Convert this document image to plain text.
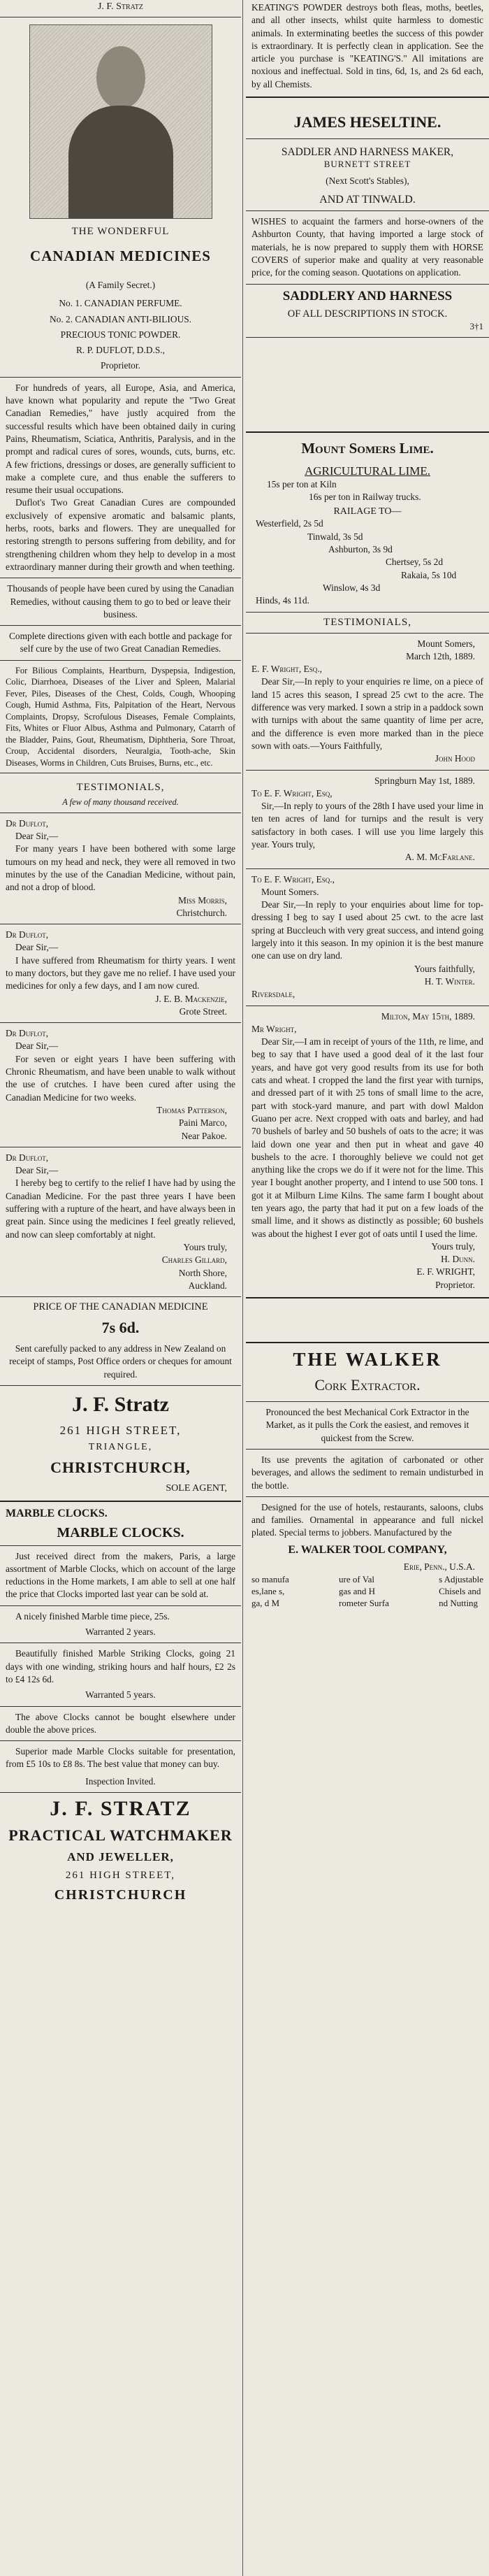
J. F. Stratz
THE WONDERFUL
CANADIAN MEDICINES
(A Family Secret.)
No. 1. CANADIAN PERFUME.
No. 2. CANADIAN ANTI-BILIOUS.
PRECIOUS TONIC POWDER.
R. P. DUFLOT, D.D.S.,
Proprietor.

For hundreds of years, all Europe, Asia, and America, have known what popularity and repute the "Two Great Canadian Remedies," have justly acquired from the successful results which have been obtained daily in curing Pains, Rheumatism, Sciatica, Anthritis, Paralysis, and in the prompt and radical cures of sores, wounds, cuts, burns, etc. A few frictions, dressings or doses, are generally sufficient to make a complete cure, and thus enable the sufferers to resume their usual occupations.

Duflot's Two Great Canadian Cures are compounded exclusively of expensive aromatic and balsamic plants, herbs, roots, barks and flowers. They are unequalled for restoring strength to persons suffering from debility, and for strengthening children whom they help to develop in a most extraordinary manner during their growth and when teething.

Thousands of people have been cured by using the Canadian Remedies, without causing them to go to bed or leave their business.

Complete directions given with each bottle and package for self cure by the use of two Great Canadian Remedies.

For Bilious Complaints, Heartburn, Dyspepsia, Indigestion, Colic, Diarrhoea, Diseases of the Liver and Spleen, Malarial Fever, Piles, Diseases of the Chest, Colds, Cough, Whooping Cough, Humid Asthma, Fits, Palpitation of the Heart, Nervous Complaints, Dropsy, Scrofulous Diseases, Female Complaints, Fits, Whites or Fluor Albus, Asthma and Pulmonary, Catarrh of the Bladder, Pains, Gout, Rheumatism, Diphtheria, Sore Throat, Croup, Accidental disorders, Neuralgia, Tooth-ache, Skin Diseases, Worms in Children, Cuts Bruises, Burns, etc., etc.

TESTIMONIALS,
A few of many thousand received.
Dr Duflot,
Dear Sir,—

For many years I have been bothered with some large tumours on my head and neck, they were all removed in two minutes by the use of the Canadian Medicine, without pain, and not a drop of blood.

Miss Morris,
Christchurch.
Dr Duflot,
Dear Sir,—

I have suffered from Rheumatism for thirty years. I went to many doctors, but they gave me no relief. I have used your medicines for only a few days, and I am now cured.

J. E. B. Mackenzie,
Grote Street.
Dr Duflot,
Dear Sir,—

For seven or eight years I have been suffering with Chronic Rheumatism, and have been unable to walk without the use of crutches. I have been cured after using the Canadian Medicine for two weeks.

Thomas Patterson,
Paini Marco,
Near Pakoe.
Dr Duflot,
Dear Sir,—

I hereby beg to certify to the relief I have had by using the Canadian Medicine. For the past three years I have been suffering with a rupture of the heart, and have always been in great pain. Since using the medicines I feel greatly relieved, and now can sleep comfortably at night.

Yours truly,
Charles Gillard,
North Shore,
Auckland.
PRICE OF THE CANADIAN MEDICINE
7s 6d.

Sent carefully packed to any address in New Zealand on receipt of stamps, Post Office orders or cheques for amount required.

J. F. Stratz
261 HIGH STREET,
TRIANGLE,
CHRISTCHURCH,
SOLE AGENT,
MARBLE CLOCKS.
MARBLE CLOCKS.

Just received direct from the makers, Paris, a large assortment of Marble Clocks, which on account of the large reductions in the Home markets, I am able to sell at one half the price that Clocks imported last year can be sold at.

A nicely finished Marble time piece, 25s.

Warranted 2 years.

Beautifully finished Marble Striking Clocks, going 21 days with one winding, striking hours and half hours, £2 2s to £4 12s 6d.

Warranted 5 years.

The above Clocks cannot be bought elsewhere under double the above prices.

Superior made Marble Clocks suitable for presentation, from £5 10s to £8 8s. The best value that money can buy.

Inspection Invited.
J. F. STRATZ
PRACTICAL WATCHMAKER
AND JEWELLER,
261 HIGH STREET,
CHRISTCHURCH

KEATING'S POWDER destroys both fleas, moths, beetles, and all other insects, whilst quite harmless to domestic animals. In exterminating beetles the success of this powder is extraordinary. It is perfectly clean in application. See the article you purchase is "KEATING'S." All imitations are noxious and ineffectual. Sold in tins, 6d, 1s, and 2s 6d each, by all Chemists.

JAMES HESELTINE.
SADDLER AND HARNESS MAKER,
BURNETT STREET
(Next Scott's Stables),
AND AT TINWALD.

WISHES to acquaint the farmers and horse-owners of the Ashburton County, that having imported a large stock of materials, he is now prepared to supply them with HORSE COVERS of superior make and quality at very reasonable price, for the coming season. Quotations on application.

SADDLERY AND HARNESS
OF ALL DESCRIPTIONS IN STOCK.
3†1
Mount Somers Lime.
AGRICULTURAL LIME.
15s per ton at Kiln
16s per ton in Railway trucks.
RAILAGE TO—
Westerfield, 2s 5d
Tinwald, 3s 5d
Ashburton, 3s 9d
Chertsey, 5s 2d
Rakaia, 5s 10d
Winslow, 4s 3d
Hinds, 4s 11d.
TESTIMONIALS,
Mount Somers,
March 12th, 1889.
E. F. Wright, Esq.,

Dear Sir,—In reply to your enquiries re lime, on a piece of land 15 acres this season, I spread 25 cwt to the acre. The difference was very marked. I sown a strip in a paddock sown with turnips with about the same quantity of lime per acre, and the difference is even more marked than in the piece sown with oats.—Yours Faithfully,

John Hood
Springburn May 1st, 1889.
To E. F. Wright, Esq,

Sir,—In reply to yours of the 28th I have used your lime in ten ten acres of land for turnips and the result is very satisfactory in both cases. I will use you lime largely this year. Yours truly,

A. M. McFarlane.
To E. F. Wright, Esq.,
Mount Somers.

Dear Sir,—In reply to your enquiries about lime for top-dressing I beg to say I used about 25 cwt. to the acre last spring at Buccleuch with very great success, and intend going largely into it this season. In my opinion it is the best manure one can use on dry land.

Yours faithfully,
H. T. Winter.
Riversdale,
Milton, May 15th, 1889.
Mr Wright,

Dear Sir,—I am in receipt of yours of the 11th, re lime, and beg to say that I have used a good deal of it the last four years, and have got very good results from its use for both cats and wheat. I cropped the land the first year with turnips, and dressed part of it with 25 tons of small lime to the acre, part with stock-yard manure, and part with dowl Maldon Guano per acre. Next cropped with oats and barley, and had 70 bushels of barley and 50 bushels of oats to the acre; it was laid down one year and then put in wheat and gave 40 bushels to the acre. I thoroughly believe we could not get anything like the crops we do if it were not for the lime. This year I bought another property, and I intend to use 500 tons. I got it at Milburn Lime Kilns. The same farm I bought about ten years ago, the party that had it put on a few loads of the small lime, and it shows as distinctly as possible; 60 bushels was about the highest I ever got of oats until I used the lime.

Yours truly,
H. Dunn.
E. F. WRIGHT,
Proprietor.
THE WALKER
Cork Extractor.

Pronounced the best Mechanical Cork Extractor in the Market, as it pulls the Cork the easiest, and removes it quickest from the Screw.

Its use prevents the agitation of carbonated or other beverages, and allows the sediment to remain undisturbed in the bottle.

Designed for the use of hotels, restaurants, saloons, clubs and families. Ornamental in appearance and full nickel plated. Special terms to jobbers. Manufactured by the

E. WALKER TOOL COMPANY,
Erie, Penn., U.S.A.
so manufa
es,lane s,
ga, d M
ure of Val
gas and H
rometer Surfa
s Adjustable
Chisels and
nd Nutting
